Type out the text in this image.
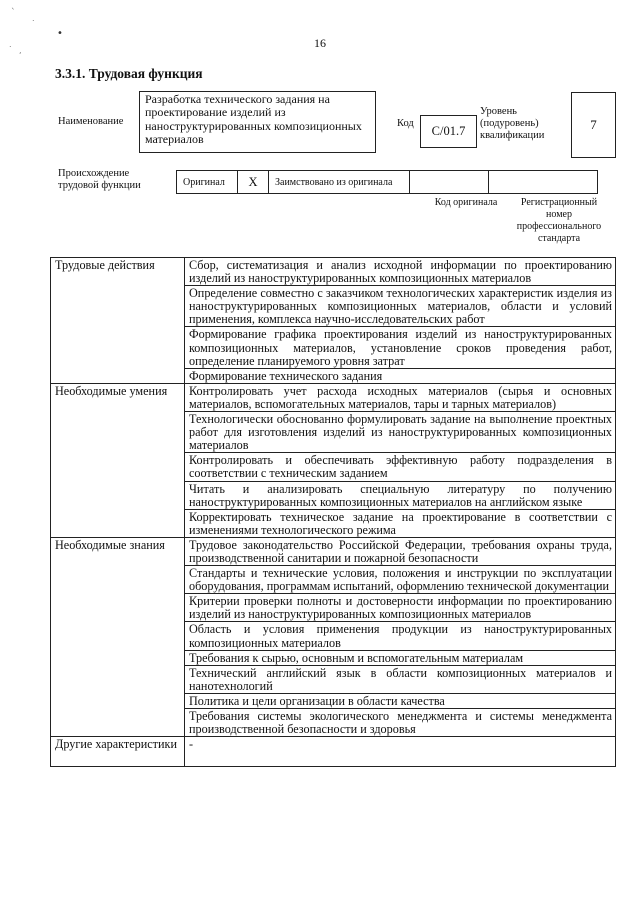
`
.
•
.
,
16
3.3.1. Трудовая функция
Наименование
Разработка технического задания на проектирование изделий из наноструктурированных композиционных материалов
Код
С/01.7
Уровень (подуровень) квалификации
7
Происхождение трудовой функции	Оригинал	X	Заимствовано из оригинала		
Код оригинала	Регистрационный номер профессионального стандарта
Трудовые действия	Сбор, систематизация и анализ исходной информации по проектированию изделий из наноструктурированных композиционных материалов
	Определение совместно с заказчиком технологических характеристик изделия из наноструктурированных композиционных материалов, области и условий применения, комплекса научно-исследовательских работ
	Формирование графика проектирования изделий из наноструктурированных композиционных материалов, установление сроков проведения работ, определение планируемого уровня затрат
	Формирование технического задания
Необходимые умения	Контролировать учет расхода исходных материалов (сырья и основных материалов, вспомогательных материалов, тары и тарных материалов)
	Технологически обоснованно формулировать задание на выполнение проектных работ для изготовления изделий из наноструктурированных композиционных материалов
	Контролировать и обеспечивать эффективную работу подразделения в соответствии с техническим заданием
	Читать и анализировать специальную литературу по получению наноструктурированных композиционных материалов на английском языке
	Корректировать техническое задание на проектирование в соответствии с изменениями технологического режима
Необходимые знания	Трудовое законодательство Российской Федерации, требования охраны труда, производственной санитарии и пожарной безопасности
	Стандарты и технические условия, положения и инструкции по эксплуатации оборудования, программам испытаний, оформлению технической документации
	Критерии проверки полноты и достоверности информации по проектированию изделий из наноструктурированных композиционных материалов
	Область и условия применения продукции из наноструктурированных композиционных материалов
	Требования к сырью, основным и вспомогательным материалам
	Технический английский язык в области композиционных материалов и нанотехнологий
	Политика и цели организации в области качества
	Требования системы экологического менеджмента и системы менеджмента производственной безопасности и здоровья
Другие характеристики	-
